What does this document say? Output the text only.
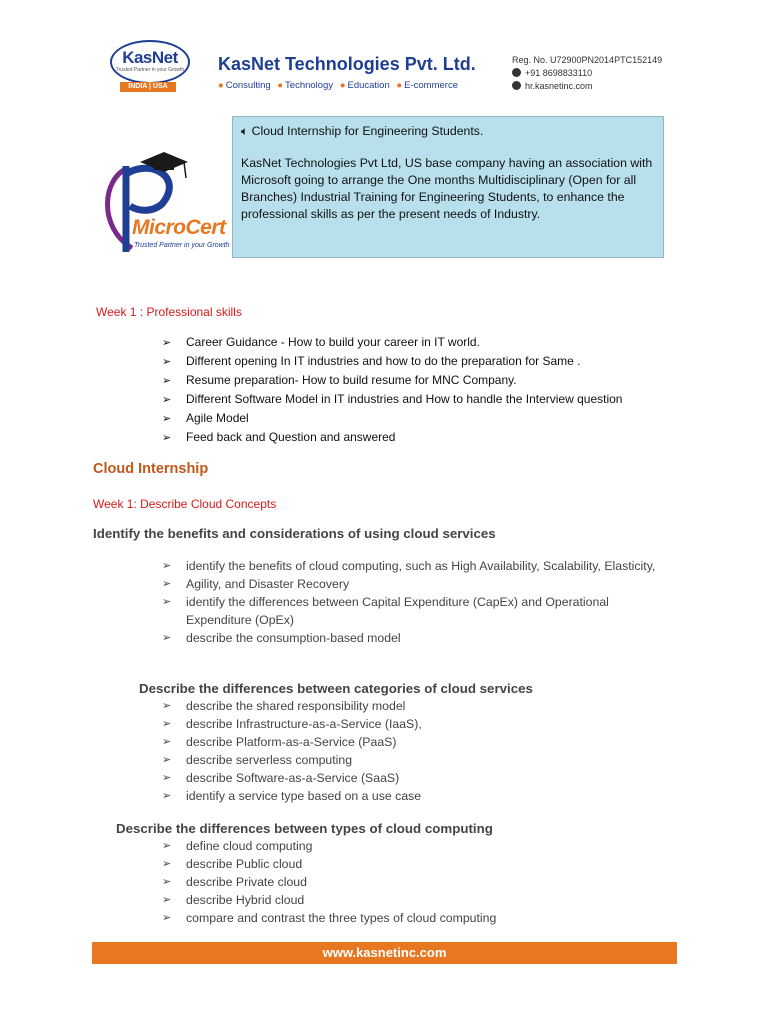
KasNet
Trusted Partner in your Growth
INDIA | USA
KasNet Technologies Pvt. Ltd.
● Consulting ● Technology ● Education ● E-commerce
Reg. No. U72900PN2014PTC152149
+91 8698833110
hr.kasnetinc.com
MicroCert
Trusted Partner in your Growth
🔈︎ Cloud Internship for Engineering Students.
KasNet Technologies Pvt Ltd, US base company having an association with Microsoft going to arrange the One months Multidisciplinary (Open for all Branches) Industrial Training for Engineering Students, to enhance the professional skills as per the present needs of Industry.
Week 1 : Professional skills
➢ Career Guidance - How to build your career in IT world.
➢ Different opening In IT industries and how to do the preparation for Same .
➢ Resume preparation- How to build resume for MNC Company.
➢ Different Software Model in IT industries and How to handle the Interview question
➢ Agile Model
➢ Feed back and Question and answered
Cloud Internship
Week 1: Describe Cloud Concepts
Identify the benefits and considerations of using cloud services
➢ identify the benefits of cloud computing, such as High Availability, Scalability, Elasticity,
➢ Agility, and Disaster Recovery
➢ identify the differences between Capital Expenditure (CapEx) and Operational Expenditure (OpEx)
➢ describe the consumption-based model
Describe the differences between categories of cloud services
➢ describe the shared responsibility model
➢ describe Infrastructure-as-a-Service (IaaS),
➢ describe Platform-as-a-Service (PaaS)
➢ describe serverless computing
➢ describe Software-as-a-Service (SaaS)
➢ identify a service type based on a use case
Describe the differences between types of cloud computing
➢ define cloud computing
➢ describe Public cloud
➢ describe Private cloud
➢ describe Hybrid cloud
➢ compare and contrast the three types of cloud computing
www.kasnetinc.com
